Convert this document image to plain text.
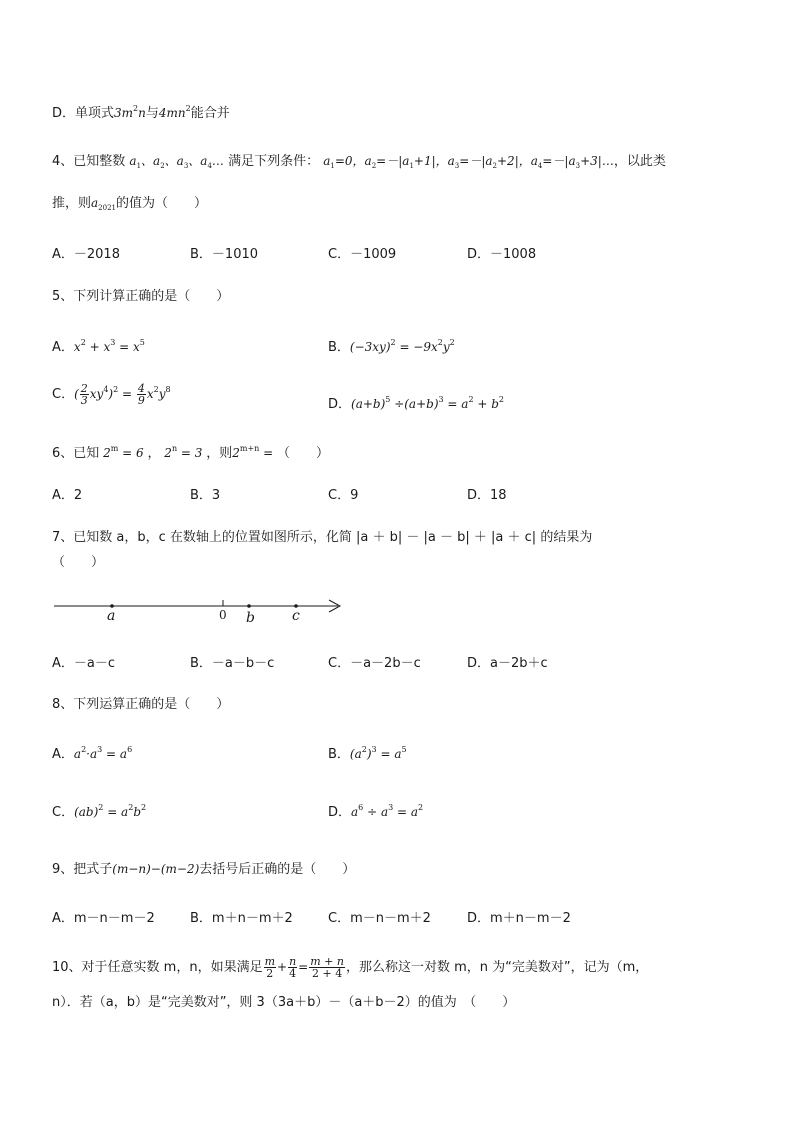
D．单项式$3m^2n$与$4mn^2$能合并
4、已知整数 $a_1$、$a_2$、$a_3$、$a_4\dots$ 满足下列条件： $a_1=0$，$a_2=-|a_1+1|$，$a_3=-|a_2+2|$，$a_4=-|a_3+3|\dots$，以此类
推，则$a_{2021}$的值为（　　）
A．－2018	B．－1010	C．－1009	D．－1008
5、下列计算正确的是（　　）
A．$x^2 + x^3 = x^5$	B．$(-3xy)^2 = -9x^2y^2$
C．( $\frac{2}{3} xy^4)^2 = \frac{4}{9} x^2y^8$
D．$(a+b)^5 \div(a+b)^3 = a^2 + b^2$
6、已知 $2^m = 6$ ， $2^n = 3$ ，则$2^{m+n}$ = （　　）
A．2	B．3	C．9	D．18
7、已知数 a，b，c 在数轴上的位置如图所示，化简 |a ＋ b| － |a － b| ＋ |a ＋ c| 的结果为
（　　）
a	0 b	c
A．－a－c	B．－a－b－c	C．－a－2b－c	D．a－2b＋c
8、下列运算正确的是（　　）
A．$a^2\cdot a^3 = a^6$	B．$(a^2)^3 = a^5$
C．$(ab)^2 = a^2b^2$	D．$a^6 \div a^3 = a^2$
9、把式子(m−n)−(m−2)去括号后正确的是（　　）
A．m－n－m－2	B．m＋n－m＋2	C．m－n－m＋2	D．m＋n－m－2
10、对于任意实数 m，n，如果满足 $\frac{m}{2} + \frac{n}{4} = \frac{m + n}{2 + 4}$ ，那么称这一对数 m，n 为“完美数对”，记为（m，
n）．若（a，b）是“完美数对”，则 3（3a＋b）－（a＋b－2）的值为　（　　）
